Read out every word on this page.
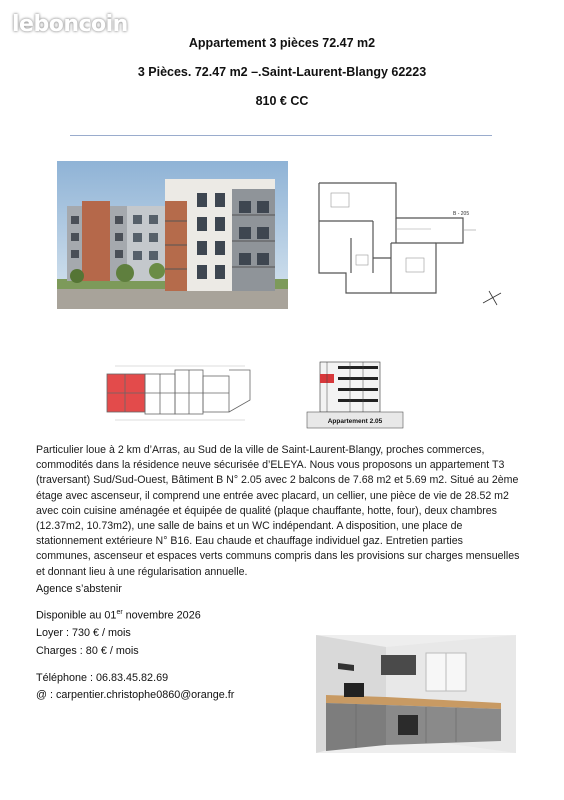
leboncoin
Appartement 3 pièces 72.47 m2
3 Pièces. 72.47 m2 –.Saint-Laurent-Blangy 62223
810 € CC
B - 205
Appartement 2.05
Particulier loue à 2 km d’Arras, au Sud de la ville de Saint-Laurent-Blangy, proches commerces, commodités dans la résidence neuve sécurisée d’ELEYA. Nous vous proposons un appartement T3 (traversant) Sud/Sud-Ouest, Bâtiment B N° 2.05 avec 2 balcons de 7.68 m2 et 5.69 m2. Situé au 2ème étage avec ascenseur, il comprend une entrée avec placard, un cellier, une pièce de vie de 28.52 m2 avec coin cuisine aménagée et équipée de qualité (plaque chauffante, hotte, four), deux chambres (12.37m2, 10.73m2), une salle de bains et un WC indépendant. A disposition, une place de stationnement extérieure N° B16. Eau chaude et chauffage individuel gaz. Entretien parties communes, ascenseur et espaces verts communs compris dans les provisions sur charges mensuelles et donnant lieu à une régularisation annuelle.
Agence s’abstenir
Disponible au 01er novembre 2026
Loyer : 730 € / mois
Charges : 80 € / mois
Téléphone : 06.83.45.82.69
@ : carpentier.christophe0860@orange.fr
